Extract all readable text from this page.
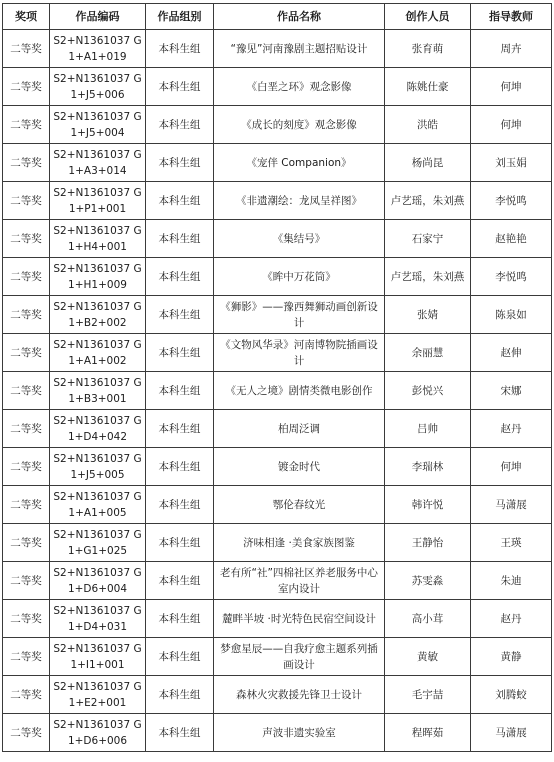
奖项	作品编码	作品组别	作品名称	创作人员	指导教师
二等奖	S2+N1361037 G1+A1+019	本科生组	“豫见”河南豫剧主题招贴设计	张育萌	周卉
二等奖	S2+N1361037 G1+J5+006	本科生组	《白垩之环》观念影像	陈姚仕豪	何坤
二等奖	S2+N1361037 G1+J5+004	本科生组	《成长的刻度》观念影像	洪皓	何坤
二等奖	S2+N1361037 G1+A3+014	本科生组	《宠伴 Companion》	杨尚昆	刘玉娟
二等奖	S2+N1361037 G1+P1+001	本科生组	《非遗潮绘：龙凤呈祥图》	卢艺瑶，朱刘燕	李悦鸣
二等奖	S2+N1361037 G1+H4+001	本科生组	《集结号》	石家宁	赵艳艳
二等奖	S2+N1361037 G1+H1+009	本科生组	《眸中万花筒》	卢艺瑶，朱刘燕	李悦鸣
二等奖	S2+N1361037 G1+B2+002	本科生组	《狮影》——豫西舞狮动画创新设计	张婧	陈泉如
二等奖	S2+N1361037 G1+A1+002	本科生组	《文物风华录》河南博物院插画设计	余丽慧	赵伸
二等奖	S2+N1361037 G1+B3+001	本科生组	《无人之境》剧情类微电影创作	彭悦兴	宋娜
二等奖	S2+N1361037 G1+D4+042	本科生组	柏周泛调	吕帅	赵丹
二等奖	S2+N1361037 G1+J5+005	本科生组	镀金时代	李瑞林	何坤
二等奖	S2+N1361037 G1+A1+005	本科生组	鄂伦春纹光	韩许悦	马潇展
二等奖	S2+N1361037 G1+G1+025	本科生组	济味相逢 ·美食家族图鉴	王静怡	王瑛
二等奖	S2+N1361037 G1+D6+004	本科生组	老有所“社”四棉社区养老服务中心室内设计	苏雯淼	朱迪
二等奖	S2+N1361037 G1+D4+031	本科生组	麓畔半坡 ·时光特色民宿空间设计	高小茸	赵丹
二等奖	S2+N1361037 G1+I1+001	本科生组	梦愈星辰——自我疗愈主题系列插画设计	黄敏	黄静
二等奖	S2+N1361037 G1+E2+001	本科生组	森林火灾救援先锋卫士设计	毛宇喆	刘腾蛟
二等奖	S2+N1361037 G1+D6+006	本科生组	声波非遗实验室	程晖茹	马潇展
